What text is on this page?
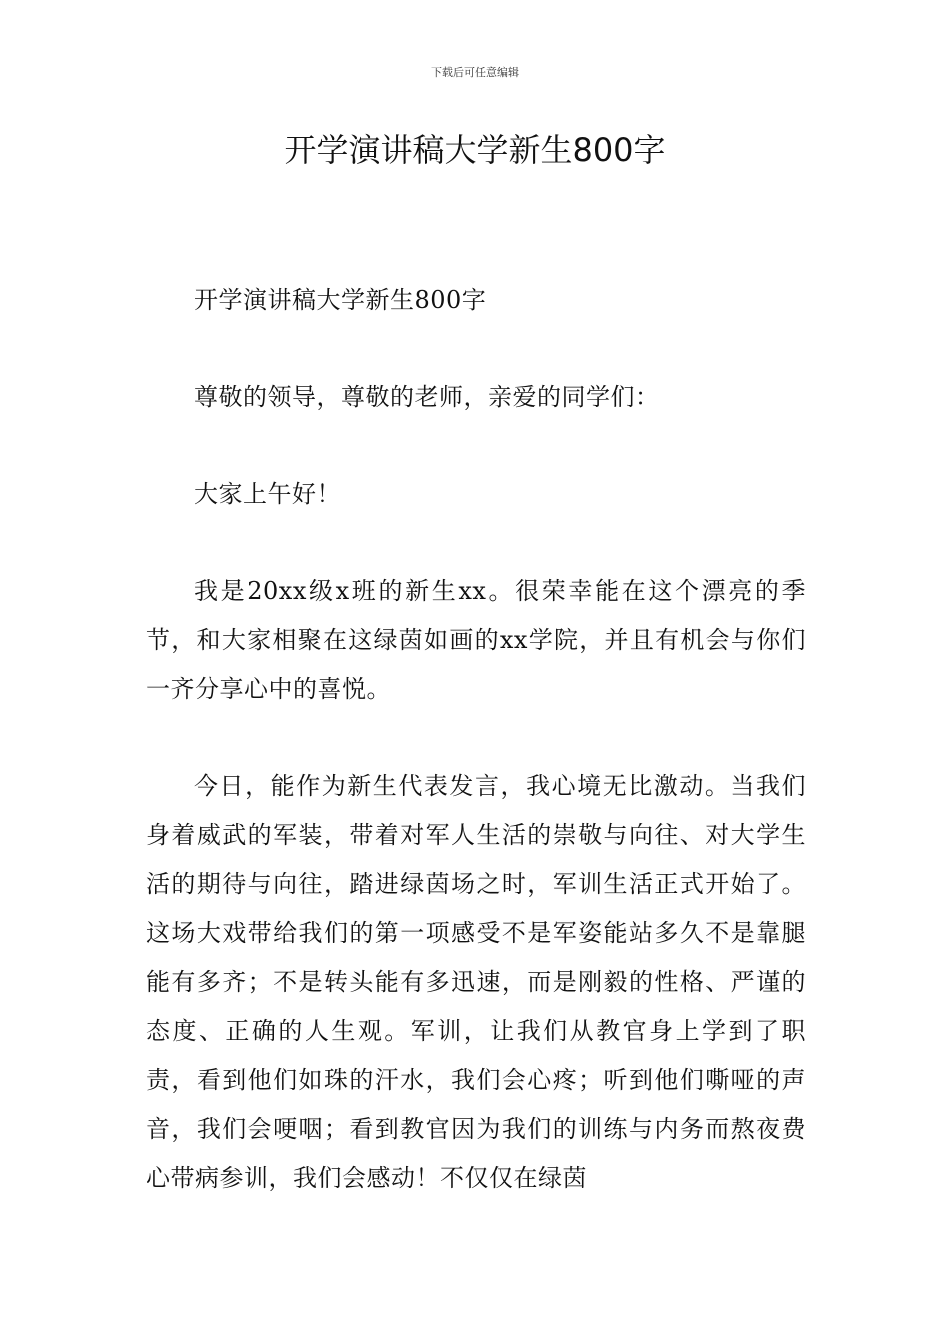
下载后可任意编辑
开学演讲稿大学新生800字

开学演讲稿大学新生800字

尊敬的领导，尊敬的老师，亲爱的同学们：

大家上午好！

我是20xx级x班的新生xx。很荣幸能在这个漂亮的季节，和大家相聚在这绿茵如画的xx学院，并且有机会与你们一齐分享心中的喜悦。

今日，能作为新生代表发言，我心境无比激动。当我们身着威武的军装，带着对军人生活的崇敬与向往、对大学生活的期待与向往，踏进绿茵场之时，军训生活正式开始了。这场大戏带给我们的第一项感受不是军姿能站多久不是靠腿能有多齐；不是转头能有多迅速，而是刚毅的性格、严谨的态度、正确的人生观。军训，让我们从教官身上学到了职责，看到他们如珠的汗水，我们会心疼；听到他们嘶哑的声音，我们会哽咽；看到教官因为我们的训练与内务而熬夜费心带病参训，我们会感动！不仅仅在绿茵
